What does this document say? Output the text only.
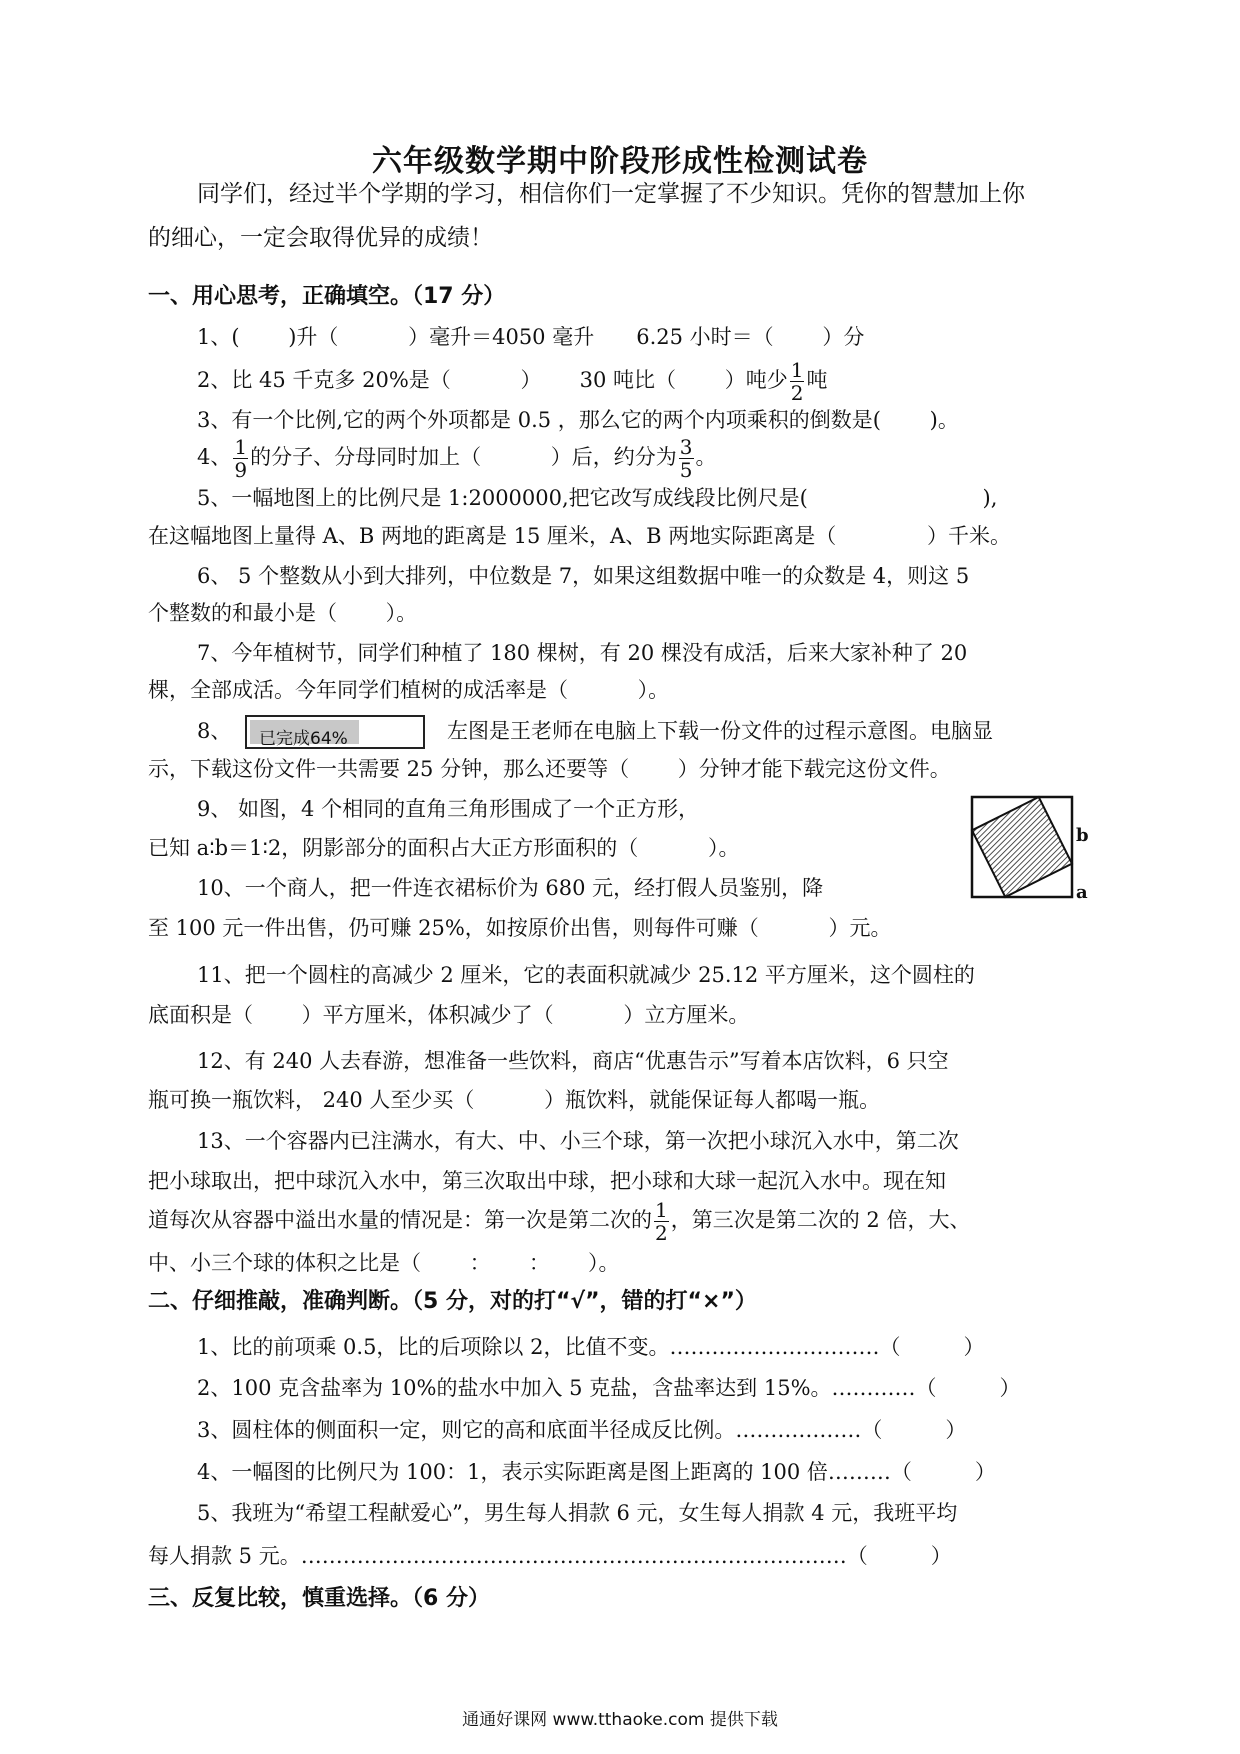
六年级数学期中阶段形成性检测试卷
同学们，经过半个学期的学习，相信你们一定掌握了不少知识。凭你的智慧加上你
的细心，一定会取得优异的成绩！
一、用心思考，正确填空。（17 分）
1、(　　 )升（　　　 ）毫升＝4050 毫升　　6.25 小时＝（　　 ）分
2、比 45 千克多 20%是（　　　 ）　　 30 吨比（　　 ）吨少 $\frac{1}{2}$ 吨
3、有一个比例,它的两个外项都是 0.5 ，那么它的两个内项乘积的倒数是(　　 )。
4、 $\frac{1}{9}$ 的分子、分母同时加上（　　　 ）后，约分为 $\frac{3}{5}$ 。
5、一幅地图上的比例尺是 1:2000000,把它改写成线段比例尺是(　　　　　　　　 ),
在这幅地图上量得 A、B 两地的距离是 15 厘米，A、B 两地实际距离是（　　　　 ）千米。
6、 5 个整数从小到大排列，中位数是 7，如果这组数据中唯一的众数是 4，则这 5
个整数的和最小是（　　 ）。
7、今年植树节，同学们种植了 180 棵树，有 20 棵没有成活，后来大家补种了 20
棵，全部成活。今年同学们植树的成活率是（　　　 ）。
8、 已完成64%	左图是王老师在电脑上下载一份文件的过程示意图。电脑显
示，下载这份文件一共需要 25 分钟，那么还要等（　　 ）分钟才能下载完这份文件。
9、 如图，4 个相同的直角三角形围成了一个正方形，
已知 a∶b＝1∶2，阴影部分的面积占大正方形面积的（　　　 ）。
b
a
10、一个商人，把一件连衣裙标价为 680 元，经打假人员鉴别，降
至 100 元一件出售，仍可赚 25%，如按原价出售，则每件可赚（　　　 ）元。
11、把一个圆柱的高减少 2 厘米，它的表面积就减少 25.12 平方厘米，这个圆柱的
底面积是（　　 ）平方厘米，体积减少了（　　　 ）立方厘米。
12、有 240 人去春游，想准备一些饮料，商店“优惠告示”写着本店饮料，6 只空
瓶可换一瓶饮料， 240 人至少买（　　　 ）瓶饮料，就能保证每人都喝一瓶。
13、一个容器内已注满水，有大、中、小三个球，第一次把小球沉入水中，第二次
把小球取出，把中球沉入水中，第三次取出中球，把小球和大球一起沉入水中。现在知
道每次从容器中溢出水量的情况是：第一次是第二次的 $\frac{1}{2}$ ，第三次是第二次的 2 倍，大、
中、小三个球的体积之比是（　　 ：　　 ：　　 ）。
二、仔细推敲，准确判断。（5 分，对的打“√”，错的打“×”）
1、比的前项乘 0.5，比的后项除以 2，比值不变。…………………………（　　　）
2、100 克含盐率为 10%的盐水中加入 5 克盐，含盐率达到 15%。…………（　　　）
3、圆柱体的侧面积一定，则它的高和底面半径成反比例。………………（　　　）
4、一幅图的比例尺为 100：1，表示实际距离是图上距离的 100 倍………（　　　）
5、我班为“希望工程献爱心”，男生每人捐款 6 元，女生每人捐款 4 元，我班平均
每人捐款 5 元。……………………………………………………………………（　　　）
三、反复比较，慎重选择。（6 分）
通通好课网 www.tthaoke.com 提供下载
